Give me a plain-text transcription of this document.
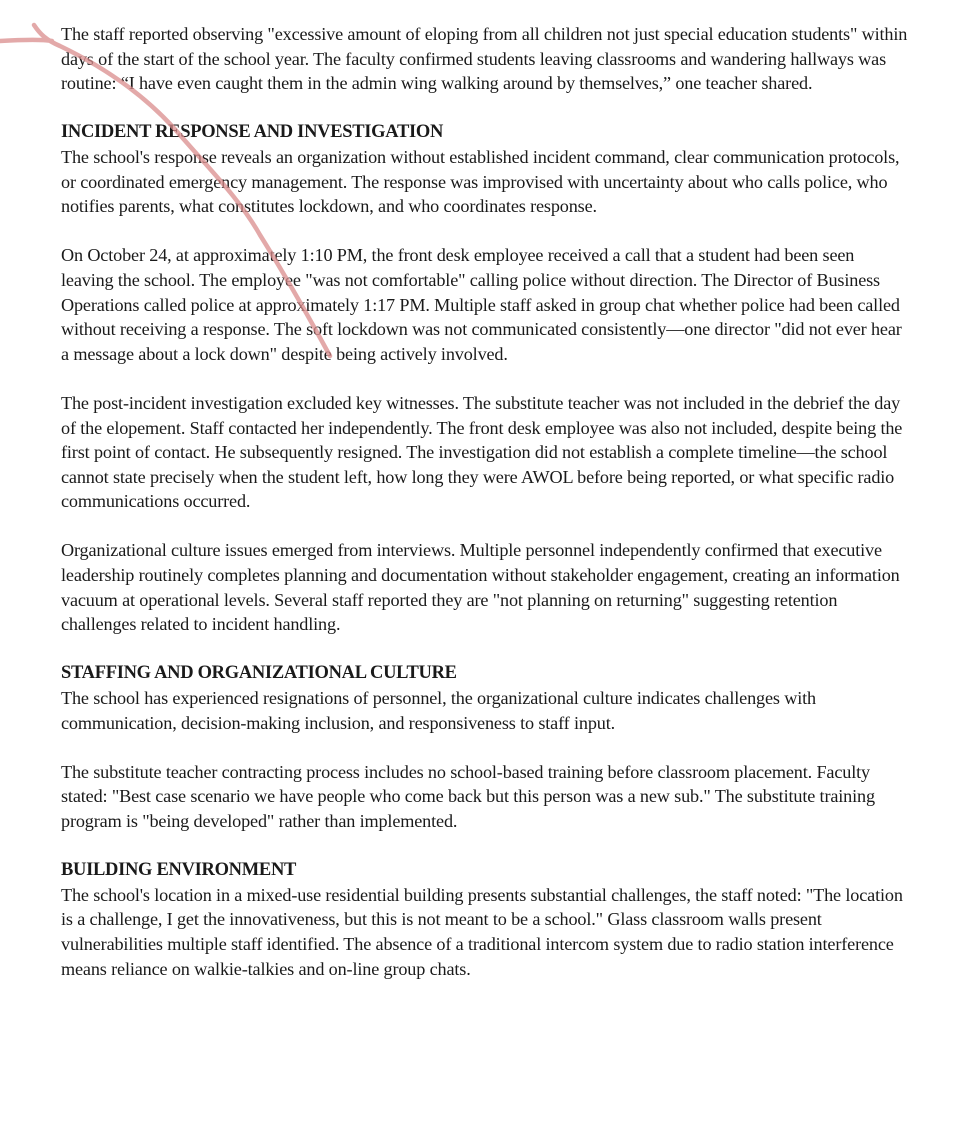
The staff reported observing "excessive amount of eloping from all children not just special education students" within days of the start of the school year. The faculty confirmed students leaving classrooms and wandering hallways was routine: “I have even caught them in the admin wing walking around by themselves,” one teacher shared.

INCIDENT RESPONSE AND INVESTIGATION

The school's response reveals an organization without established incident command, clear communication protocols, or coordinated emergency management. The response was improvised with uncertainty about who calls police, who notifies parents, what constitutes lockdown, and who coordinates response.

On October 24, at approximately 1:10 PM, the front desk employee received a call that a student had been seen leaving the school. The employee "was not comfortable" calling police without direction. The Director of Business Operations called police at approximately 1:17 PM. Multiple staff asked in group chat whether police had been called without receiving a response. The soft lockdown was not communicated consistently—one director "did not ever hear a message about a lock down" despite being actively involved.

The post-incident investigation excluded key witnesses. The substitute teacher was not included in the debrief the day of the elopement. Staff contacted her independently. The front desk employee was also not included, despite being the first point of contact. He subsequently resigned. The investigation did not establish a complete timeline—the school cannot state precisely when the student left, how long they were AWOL before being reported, or what specific radio communications occurred.

Organizational culture issues emerged from interviews. Multiple personnel independently confirmed that executive leadership routinely completes planning and documentation without stakeholder engagement, creating an information vacuum at operational levels. Several staff reported they are "not planning on returning" suggesting retention challenges related to incident handling.

STAFFING AND ORGANIZATIONAL CULTURE

The school has experienced resignations of personnel, the organizational culture indicates challenges with communication, decision-making inclusion, and responsiveness to staff input.

The substitute teacher contracting process includes no school-based training before classroom placement. Faculty stated: "Best case scenario we have people who come back but this person was a new sub." The substitute training program is "being developed" rather than implemented.

BUILDING ENVIRONMENT

The school's location in a mixed-use residential building presents substantial challenges, the staff noted: "The location is a challenge, I get the innovativeness, but this is not meant to be a school." Glass classroom walls present vulnerabilities multiple staff identified. The absence of a traditional intercom system due to radio station interference means reliance on walkie-talkies and on-line group chats.
